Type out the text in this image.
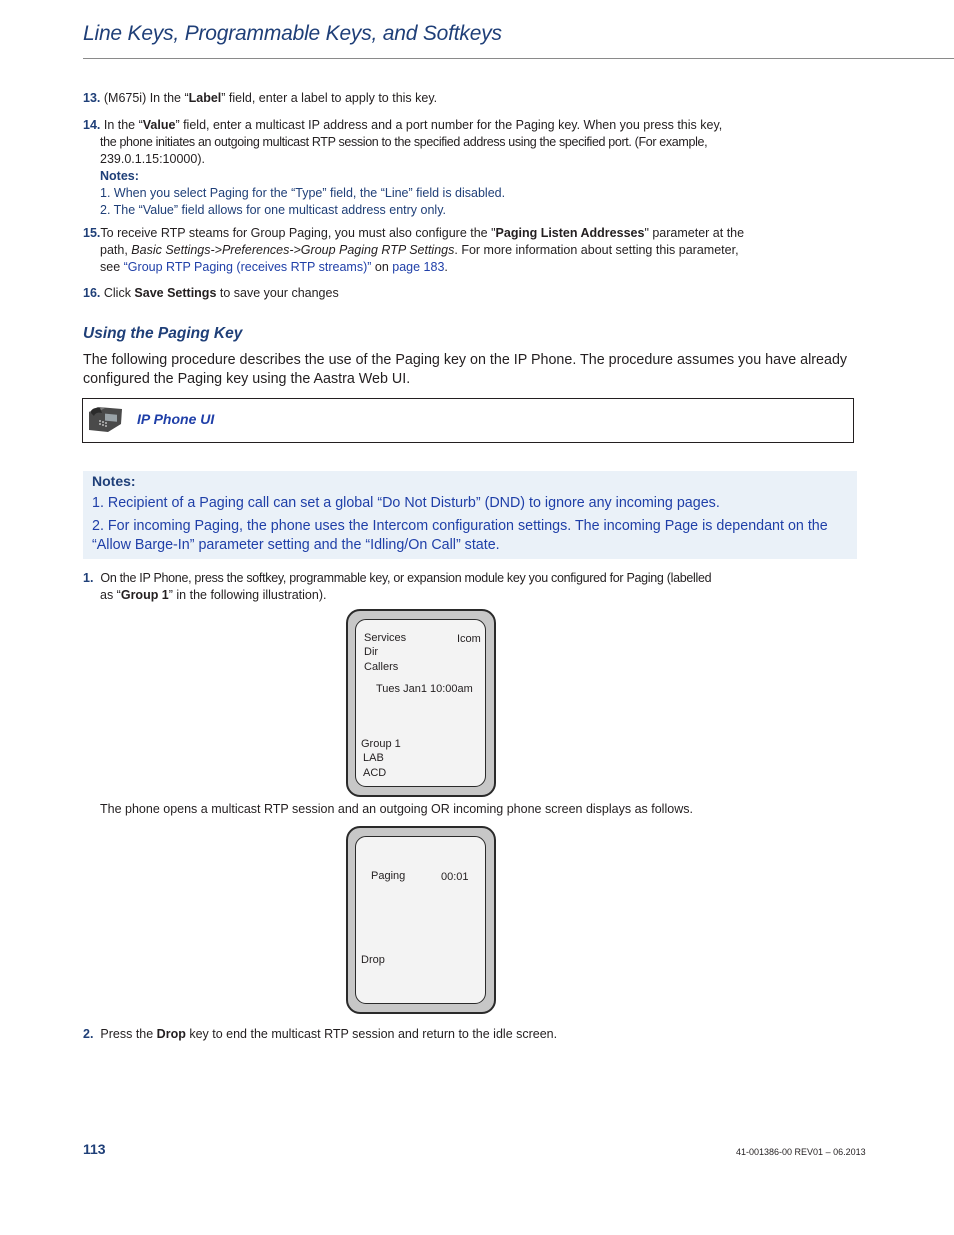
Line Keys, Programmable Keys, and Softkeys
13. (M675i) In the “Label” field, enter a label to apply to this key.
14. In the “Value” field, enter a multicast IP address and a port number for the Paging key. When you press this key,
the phone initiates an outgoing multicast RTP session to the specified address using the specified port. (For example,
239.0.1.15:10000).
Notes:
1. When you select Paging for the “Type” field, the “Line” field is disabled.
2. The “Value” field allows for one multicast address entry only.
15.To receive RTP steams for Group Paging, you must also configure the "Paging Listen Addresses" parameter at the
path, Basic Settings->Preferences->Group Paging RTP Settings. For more information about setting this parameter,
see “Group RTP Paging (receives RTP streams)” on page 183.
16. Click Save Settings to save your changes
Using the Paging Key
The following procedure describes the use of the Paging key on the IP Phone. The procedure assumes you have already configured the Paging key using the Aastra Web UI.
IP Phone UI
Notes:
1. Recipient of a Paging call can set a global “Do Not Disturb” (DND) to ignore any incoming pages.
2. For incoming Paging, the phone uses the Intercom configuration settings. The incoming Page is dependant on the “Allow Barge-In” parameter setting and the “Idling/On Call” state.
1. On the IP Phone, press the softkey, programmable key, or expansion module key you configured for Paging (labelled
as “Group 1” in the following illustration).
Services
Dir
Callers
Icom
Tues Jan1 10:00am
Group 1
LAB
ACD
The phone opens a multicast RTP session and an outgoing OR incoming phone screen displays as follows.
Paging	00:01
Drop
2. Press the Drop key to end the multicast RTP session and return to the idle screen.
113	41-001386-00 REV01 – 06.2013
